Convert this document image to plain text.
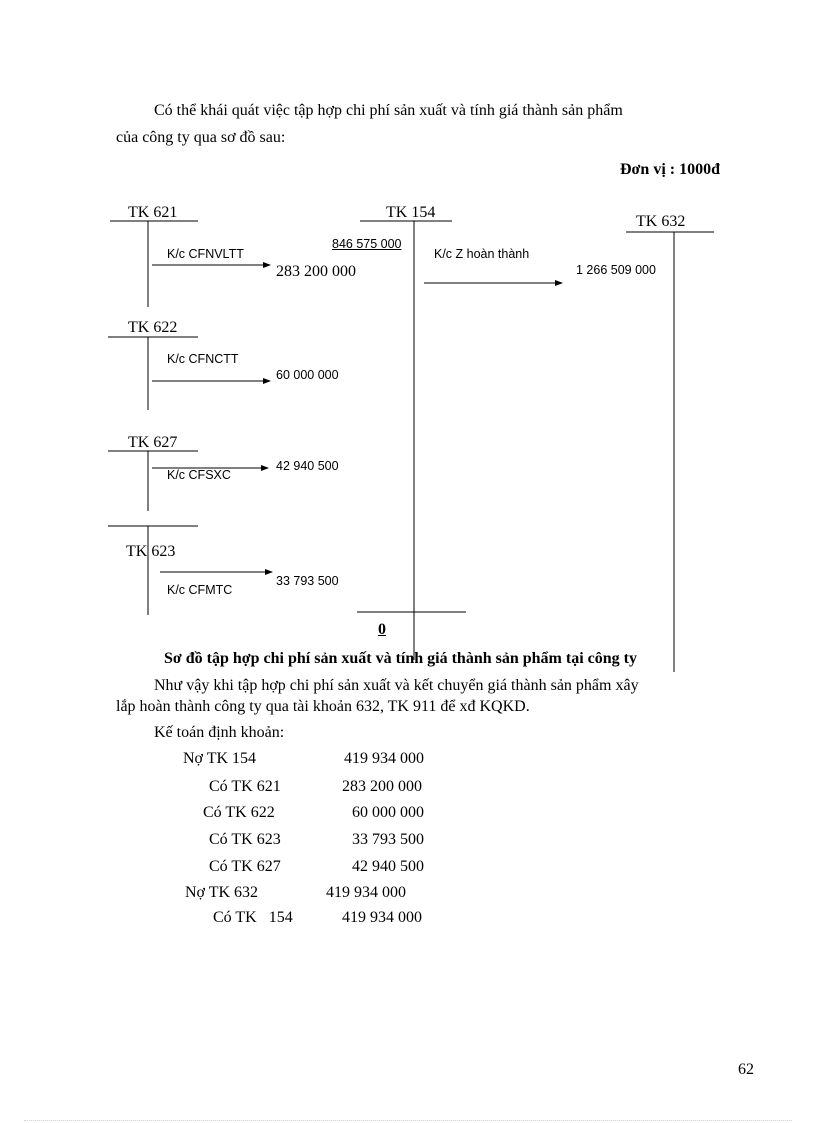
Có thể khái quát việc tập hợp chi phí sản xuất và tính giá thành sản phẩm
của công ty qua sơ đồ sau:
Đơn vị : 1000đ
TK 621	TK 154
TK 632
TK 622
TK 627
TK 623
846 575 000
K/c CFNVLTT
283 200 000
K/c Z hoàn thành
1 266 509 000
K/c CFNCTT
60 000 000
K/c CFSXC
42 940 500
K/c CFMTC
33 793 500
0
Sơ đồ tập hợp chi phí sản xuất và tính giá thành sản phẩm tại công ty
Như vậy khi tập hợp chi phí sản xuất và kết chuyển giá thành sản phẩm xây
lắp hoàn thành công ty qua tài khoản 632, TK 911 để xđ KQKD.
Kế toán định khoản:
Nợ TK 154	419 934 000
Có TK 621	283 200 000
Có TK 622	60 000 000
Có TK 623	33 793 500
Có TK 627	42 940 500
Nợ TK 632	419 934 000
Có TK   154	419 934 000
62
